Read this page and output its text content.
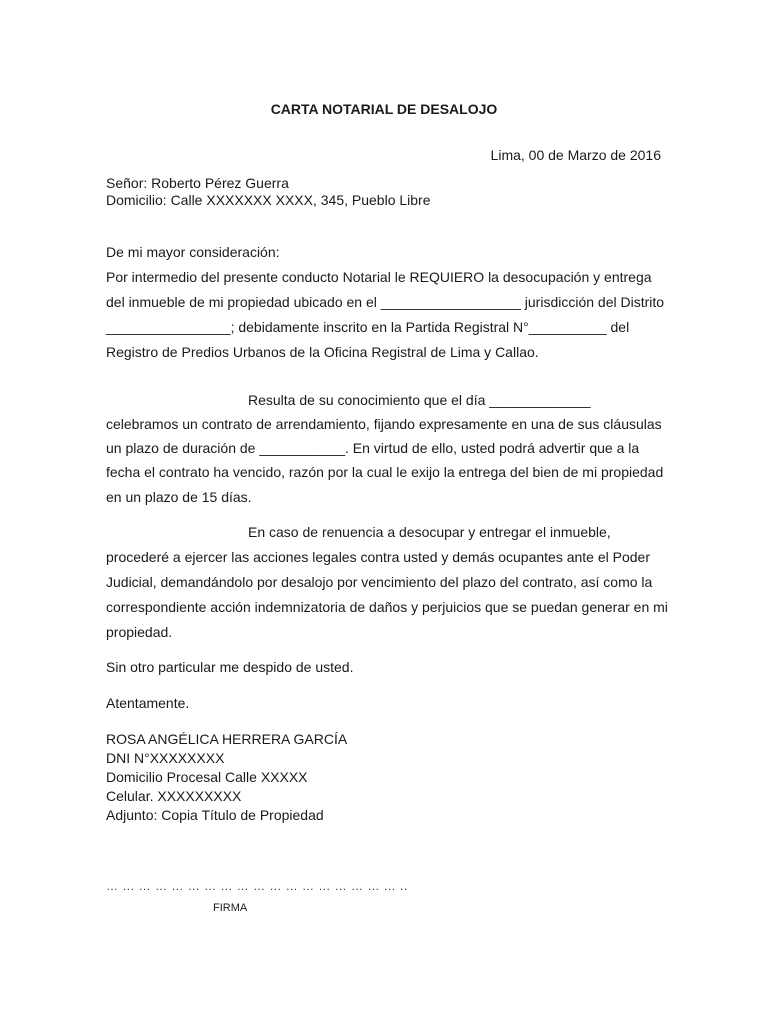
CARTA NOTARIAL DE DESALOJO
Lima, 00 de Marzo de 2016
Señor: Roberto Pérez Guerra
Domicilio: Calle XXXXXXX XXXX, 345, Pueblo Libre
De mi mayor consideración:
Por intermedio del presente conducto Notarial le REQUIERO la desocupación y entrega
del inmueble de mi propiedad ubicado en el __________________ jurisdicción del Distrito
________________; debidamente inscrito en la Partida Registral N°__________ del
Registro de Predios Urbanos de la Oficina Registral de Lima y Callao.
Resulta de su conocimiento que el día _____________
celebramos un contrato de arrendamiento, fijando expresamente en una de sus cláusulas
un plazo de duración de ___________. En virtud de ello, usted podrá advertir que a la
fecha el contrato ha vencido, razón por la cual le exijo la entrega del bien de mi propiedad
en un plazo de 15 días.
En caso de renuencia a desocupar y entregar el inmueble,
procederé a ejercer las acciones legales contra usted y demás ocupantes ante el Poder
Judicial, demandándolo por desalojo por vencimiento del plazo del contrato, así como la
correspondiente acción indemnizatoria de daños y perjuicios que se puedan generar en mi
propiedad.
Sin otro particular me despido de usted.
Atentamente.
ROSA ANGÉLICA HERRERA GARCÍA
DNI N°XXXXXXXX
Domicilio Procesal Calle XXXXX
Celular. XXXXXXXXX
Adjunto: Copia Título de Propiedad
… … … … … … … … … … … … … … … … … … ..
FIRMA
